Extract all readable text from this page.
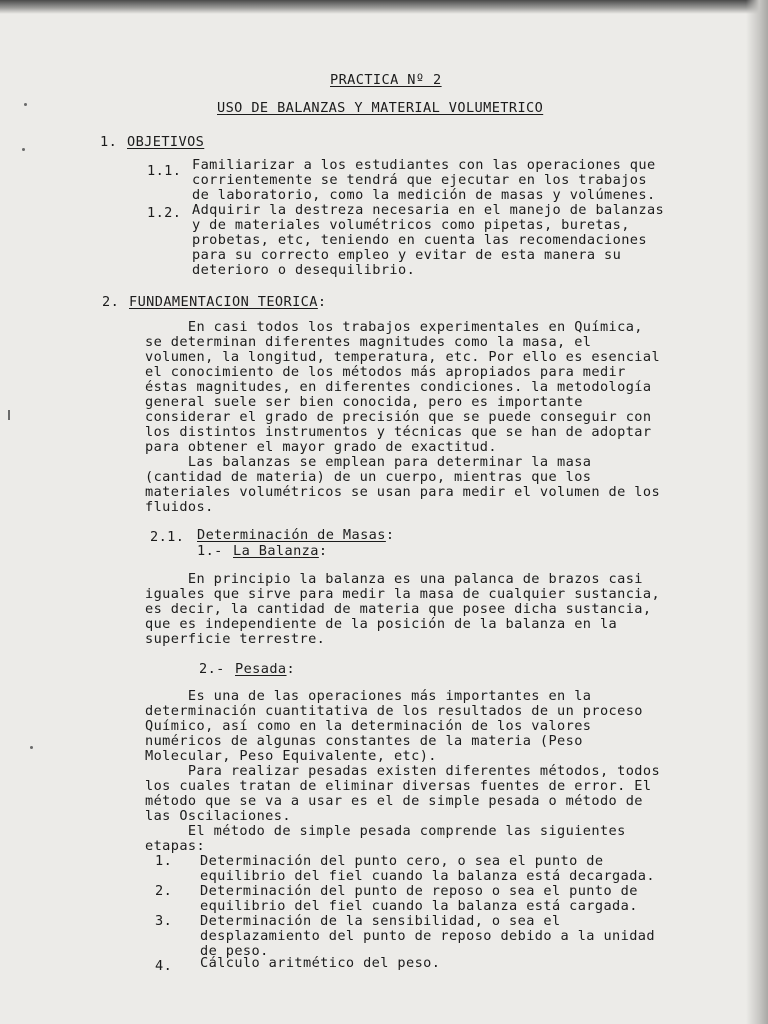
PRACTICA Nº 2
USO DE BALANZAS Y MATERIAL VOLUMETRICO
1. OBJETIVOS
1.1. Familiarizar a los estudiantes con las operaciones que
corrientemente se tendrá que ejecutar en los trabajos
de laboratorio, como la medición de masas y volúmenes.
1.2. Adquirir la destreza necesaria en el manejo de balanzas
y de materiales volumétricos como pipetas, buretas,
probetas, etc, teniendo en cuenta las recomendaciones
para su correcto empleo y evitar de esta manera su
deterioro o desequilibrio.
2. FUNDAMENTACION TEORICA:
En casi todos los trabajos experimentales en Química,
se determinan diferentes magnitudes como la masa, el
volumen, la longitud, temperatura, etc. Por ello es esencial
el conocimiento de los métodos más apropiados para medir
éstas magnitudes, en diferentes condiciones. la metodología
general suele ser bien conocida, pero es importante
considerar el grado de precisión que se puede conseguir con
los distintos instrumentos y técnicas que se han de adoptar
para obtener el mayor grado de exactitud.
Las balanzas se emplean para determinar la masa
(cantidad de materia) de un cuerpo, mientras que los
materiales volumétricos se usan para medir el volumen de los
fluidos.
2.1. Determinación de Masas:
1.- La Balanza:
En principio la balanza es una palanca de brazos casi
iguales que sirve para medir la masa de cualquier sustancia,
es decir, la cantidad de materia que posee dicha sustancia,
que es independiente de la posición de la balanza en la
superficie terrestre.
2.- Pesada:
Es una de las operaciones más importantes en la
determinación cuantitativa de los resultados de un proceso
Químico, así como en la determinación de los valores
numéricos de algunas constantes de la materia (Peso
Molecular, Peso Equivalente, etc).
Para realizar pesadas existen diferentes métodos, todos
los cuales tratan de eliminar diversas fuentes de error. El
método que se va a usar es el de simple pesada o método de
las Oscilaciones.
El método de simple pesada comprende las siguientes
etapas:
1. Determinación del punto cero, o sea el punto de
equilibrio del fiel cuando la balanza está decargada.
2. Determinación del punto de reposo o sea el punto de
equilibrio del fiel cuando la balanza está cargada.
3. Determinación de la sensibilidad, o sea el
desplazamiento del punto de reposo debido a la unidad
de peso.
4. Cálculo aritmético del peso.
